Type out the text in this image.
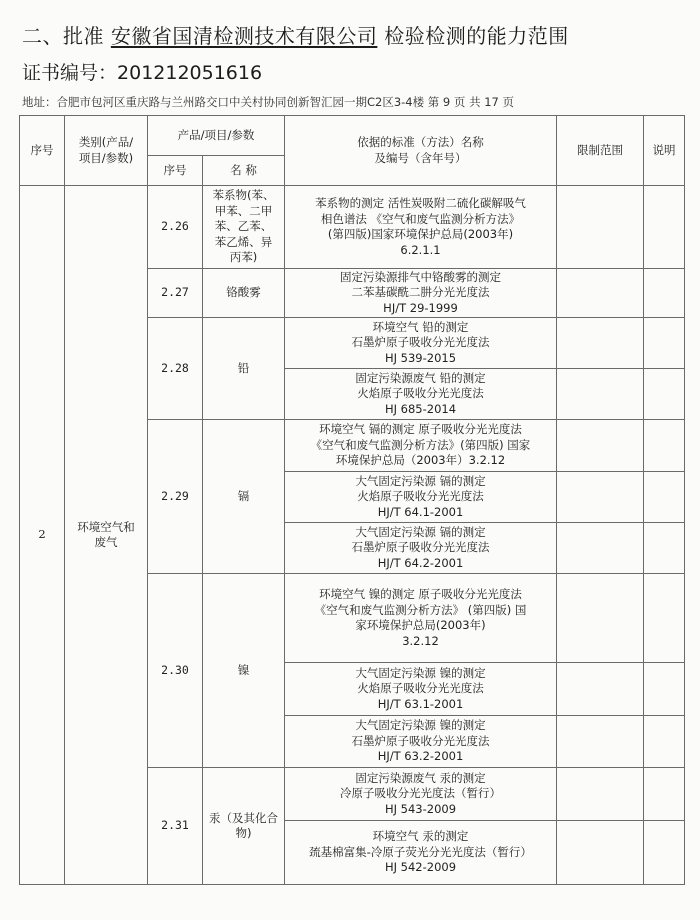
二、批准 安徽省国清检测技术有限公司 检验检测的能力范围
证书编号：201212051616
地址：合肥市包河区重庆路与兰州路交口中关村协同创新智汇园一期C2区3-4楼 第 9 页 共 17 页
序号	类别(产品/
项目/参数)	产品/项目/参数		依据的标准（方法）名称
及编号（含年号）	限制范围	说明
		序号	名 称			
2	环境空气和
废气	2.26	苯系物(苯、
甲苯、二甲
苯、乙苯、
苯乙烯、异
丙苯)	苯系物的测定 活性炭吸附二硫化碳解吸气
相色谱法 《空气和废气监测分析方法》
(第四版)国家环境保护总局(2003年)
6.2.1.1		

		2.27	铬酸雾	固定污染源排气中铬酸雾的测定
二苯基碳酰二肼分光光度法
HJ/T 29-1999		

		2.28	铅	环境空气 铅的测定
石墨炉原子吸收分光光度法
HJ 539-2015		

				固定污染源废气 铅的测定
火焰原子吸收分光光度法
HJ 685-2014		

		2.29	镉	环境空气 镉的测定 原子吸收分光光度法
《空气和废气监测分析方法》(第四版) 国家
环境保护总局（2003年）3.2.12		

				大气固定污染源 镉的测定
火焰原子吸收分光光度法
HJ/T 64.1-2001		

				大气固定污染源 镉的测定
石墨炉原子吸收分光光度法
HJ/T 64.2-2001		

		2.30	镍	环境空气 镍的测定 原子吸收分光光度法
《空气和废气监测分析方法》 (第四版) 国
家环境保护总局(2003年)
3.2.12		

				大气固定污染源 镍的测定
火焰原子吸收分光光度法
HJ/T 63.1-2001		

				大气固定污染源 镍的测定
石墨炉原子吸收分光光度法
HJ/T 63.2-2001		

		2.31	汞（及其化合
物)	固定污染源废气 汞的测定
冷原子吸收分光光度法（暂行）
HJ 543-2009		

				环境空气 汞的测定
巯基棉富集-冷原子荧光分光光度法（暂行）
HJ 542-2009		
